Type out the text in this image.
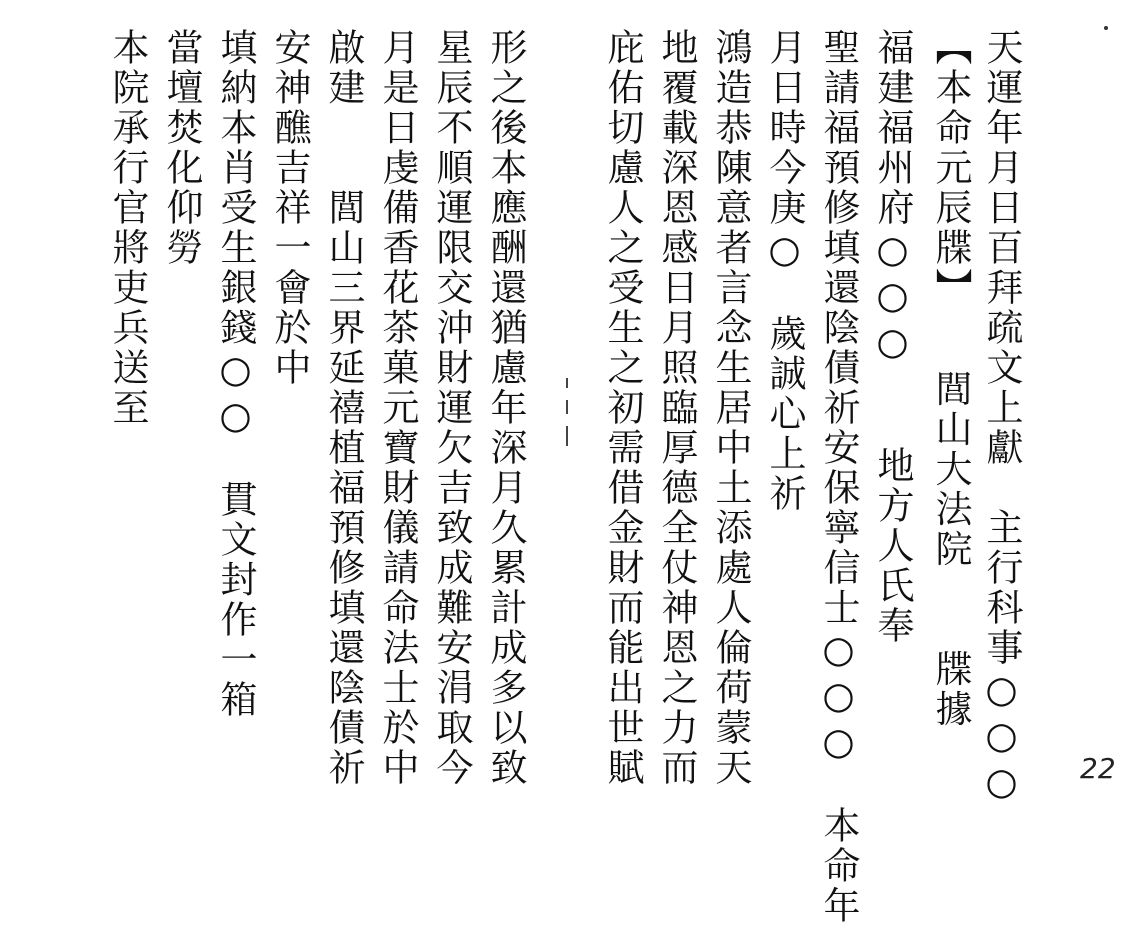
天運年月日百拜疏文上獻　主行科事○○○
【本命元辰牒】　　閭山大法院　　牒據
聖請福預修填還陰債祈安保寧信士○○○　本命年 福建福州府○○○　　地方人氏奉
月日時今庚○　歲誠心上祈
鴻造恭陳意者言念生居中土添處人倫荷蒙天
地覆載深恩感日月照臨厚德全仗神恩之力而
庇佑切慮人之受生之初需借金財而能出世賦
形之後本應酬還猶慮年深月久累計成多以致
星辰不順運限交沖財運欠吉致成難安涓取今
月是日虔備香花茶菓元寶財儀請命法士於中
啟建　　閭山三界延禧植福預修填還陰債祈
安神醮吉祥一會於中
填納本肖受生銀錢○○　貫文封作一箱
當壇焚化仰勞
本院承行官將吏兵送至
22
